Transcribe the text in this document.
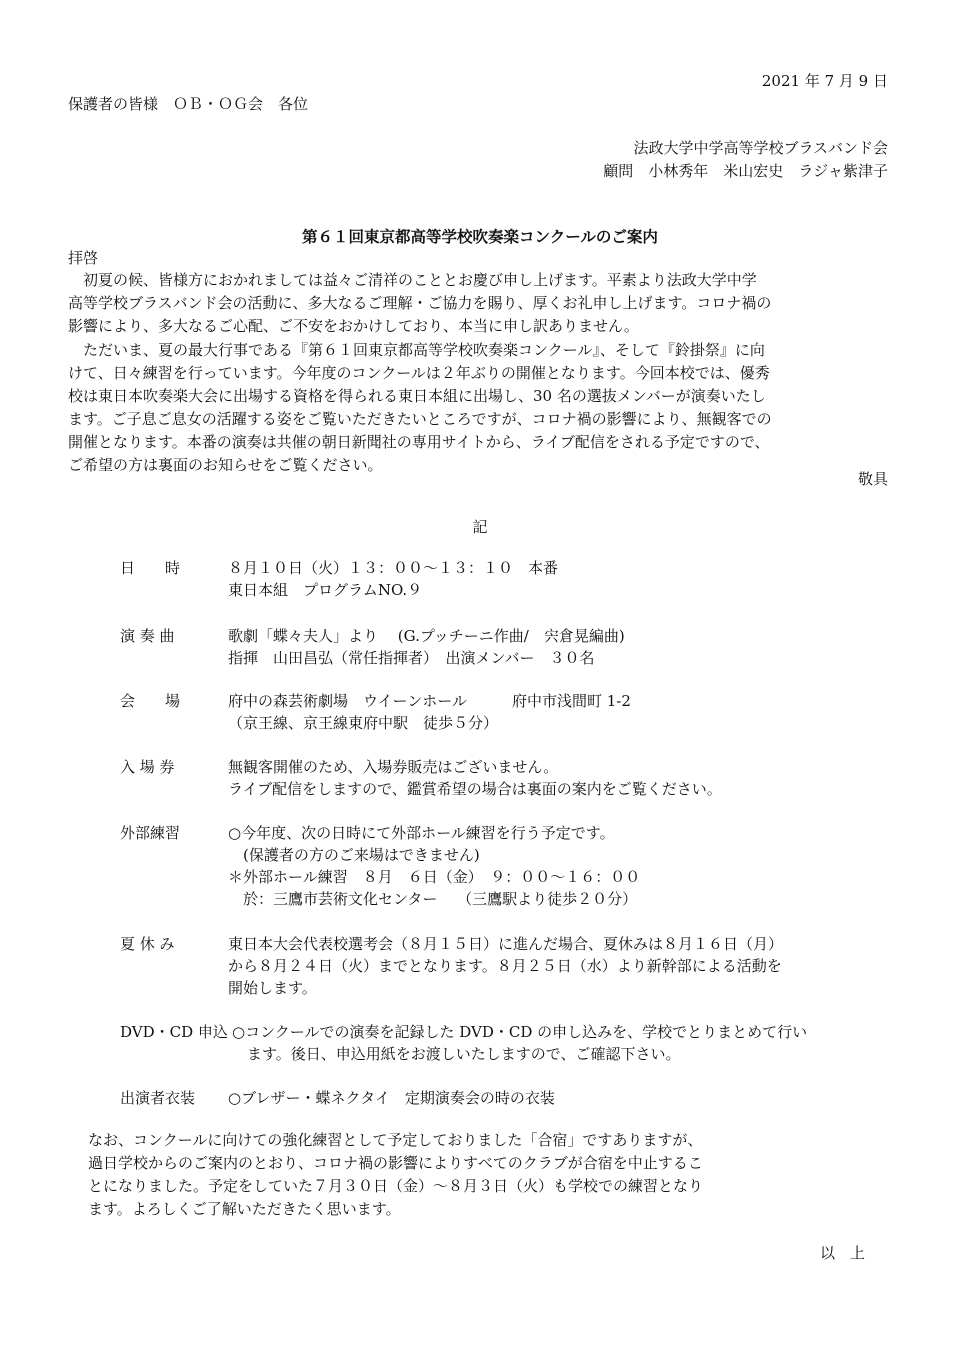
2021 年 7 月 9 日
保護者の皆様　ＯＢ・ＯＧ会　各位
法政大学中学高等学校ブラスバンド会
顧問　小林秀年　米山宏史　ラジャ紫津子
第６１回東京都高等学校吹奏楽コンクールのご案内
拝啓
　初夏の候、皆様方におかれましては益々ご清祥のこととお慶び申し上げます。平素より法政大学中学
高等学校ブラスバンド会の活動に、多大なるご理解・ご協力を賜り、厚くお礼申し上げます。コロナ禍の
影響により、多大なるご心配、ご不安をおかけしており、本当に申し訳ありません。
　ただいま、夏の最大行事である『第６１回東京都高等学校吹奏楽コンクール』、そして『鈴掛祭』に向
けて、日々練習を行っています。今年度のコンクールは２年ぶりの開催となります。今回本校では、優秀
校は東日本吹奏楽大会に出場する資格を得られる東日本組に出場し、30 名の選抜メンバーが演奏いたし
ます。ご子息ご息女の活躍する姿をご覧いただきたいところですが、コロナ禍の影響により、無観客での
開催となります。本番の演奏は共催の朝日新聞社の専用サイトから、ライブ配信をされる予定ですので、
ご希望の方は裏面のお知らせをご覧ください。
敬具
記
日　　時	８月１０日（火）１３：００〜１３：１０　本番
東日本組　プログラムNO.９
演 奏 曲	歌劇「蝶々夫人」より　 (G.プッチーニ作曲/　宍倉晃編曲)
指揮　山田昌弘（常任指揮者）　出演メンバー　３０名
会　　場	府中の森芸術劇場　ウイーンホール　　　府中市浅間町 1-2
（京王線、京王線東府中駅　徒歩５分）
入 場 券	無観客開催のため、入場券販売はございません。
ライブ配信をしますので、鑑賞希望の場合は裏面の案内をご覧ください。
外部練習	○今年度、次の日時にて外部ホール練習を行う予定です。
　(保護者の方のご来場はできません)
＊外部ホール練習　８月　６日（金）　９：００〜１６：００
　於：三鷹市芸術文化センター　 （三鷹駅より徒歩２０分）
夏 休 み	東日本大会代表校選考会（８月１５日）に進んだ場合、夏休みは８月１６日（月）
から８月２４日（火）までとなります。８月２５日（水）より新幹部による活動を
開始します。
DVD・CD 申込 ○コンクールでの演奏を記録した DVD・CD の申し込みを、学校でとりまとめて行い
　ます。後日、申込用紙をお渡しいたしますので、ご確認下さい。
出演者衣装 ○ブレザー・蝶ネクタイ　定期演奏会の時の衣装
なお、コンクールに向けての強化練習として予定しておりました「合宿」ですありますが、
過日学校からのご案内のとおり、コロナ禍の影響によりすべてのクラブが合宿を中止するこ
とになりました。予定をしていた７月３０日（金）〜８月３日（火）も学校での練習となり
ます。よろしくご了解いただきたく思います。
以　上
